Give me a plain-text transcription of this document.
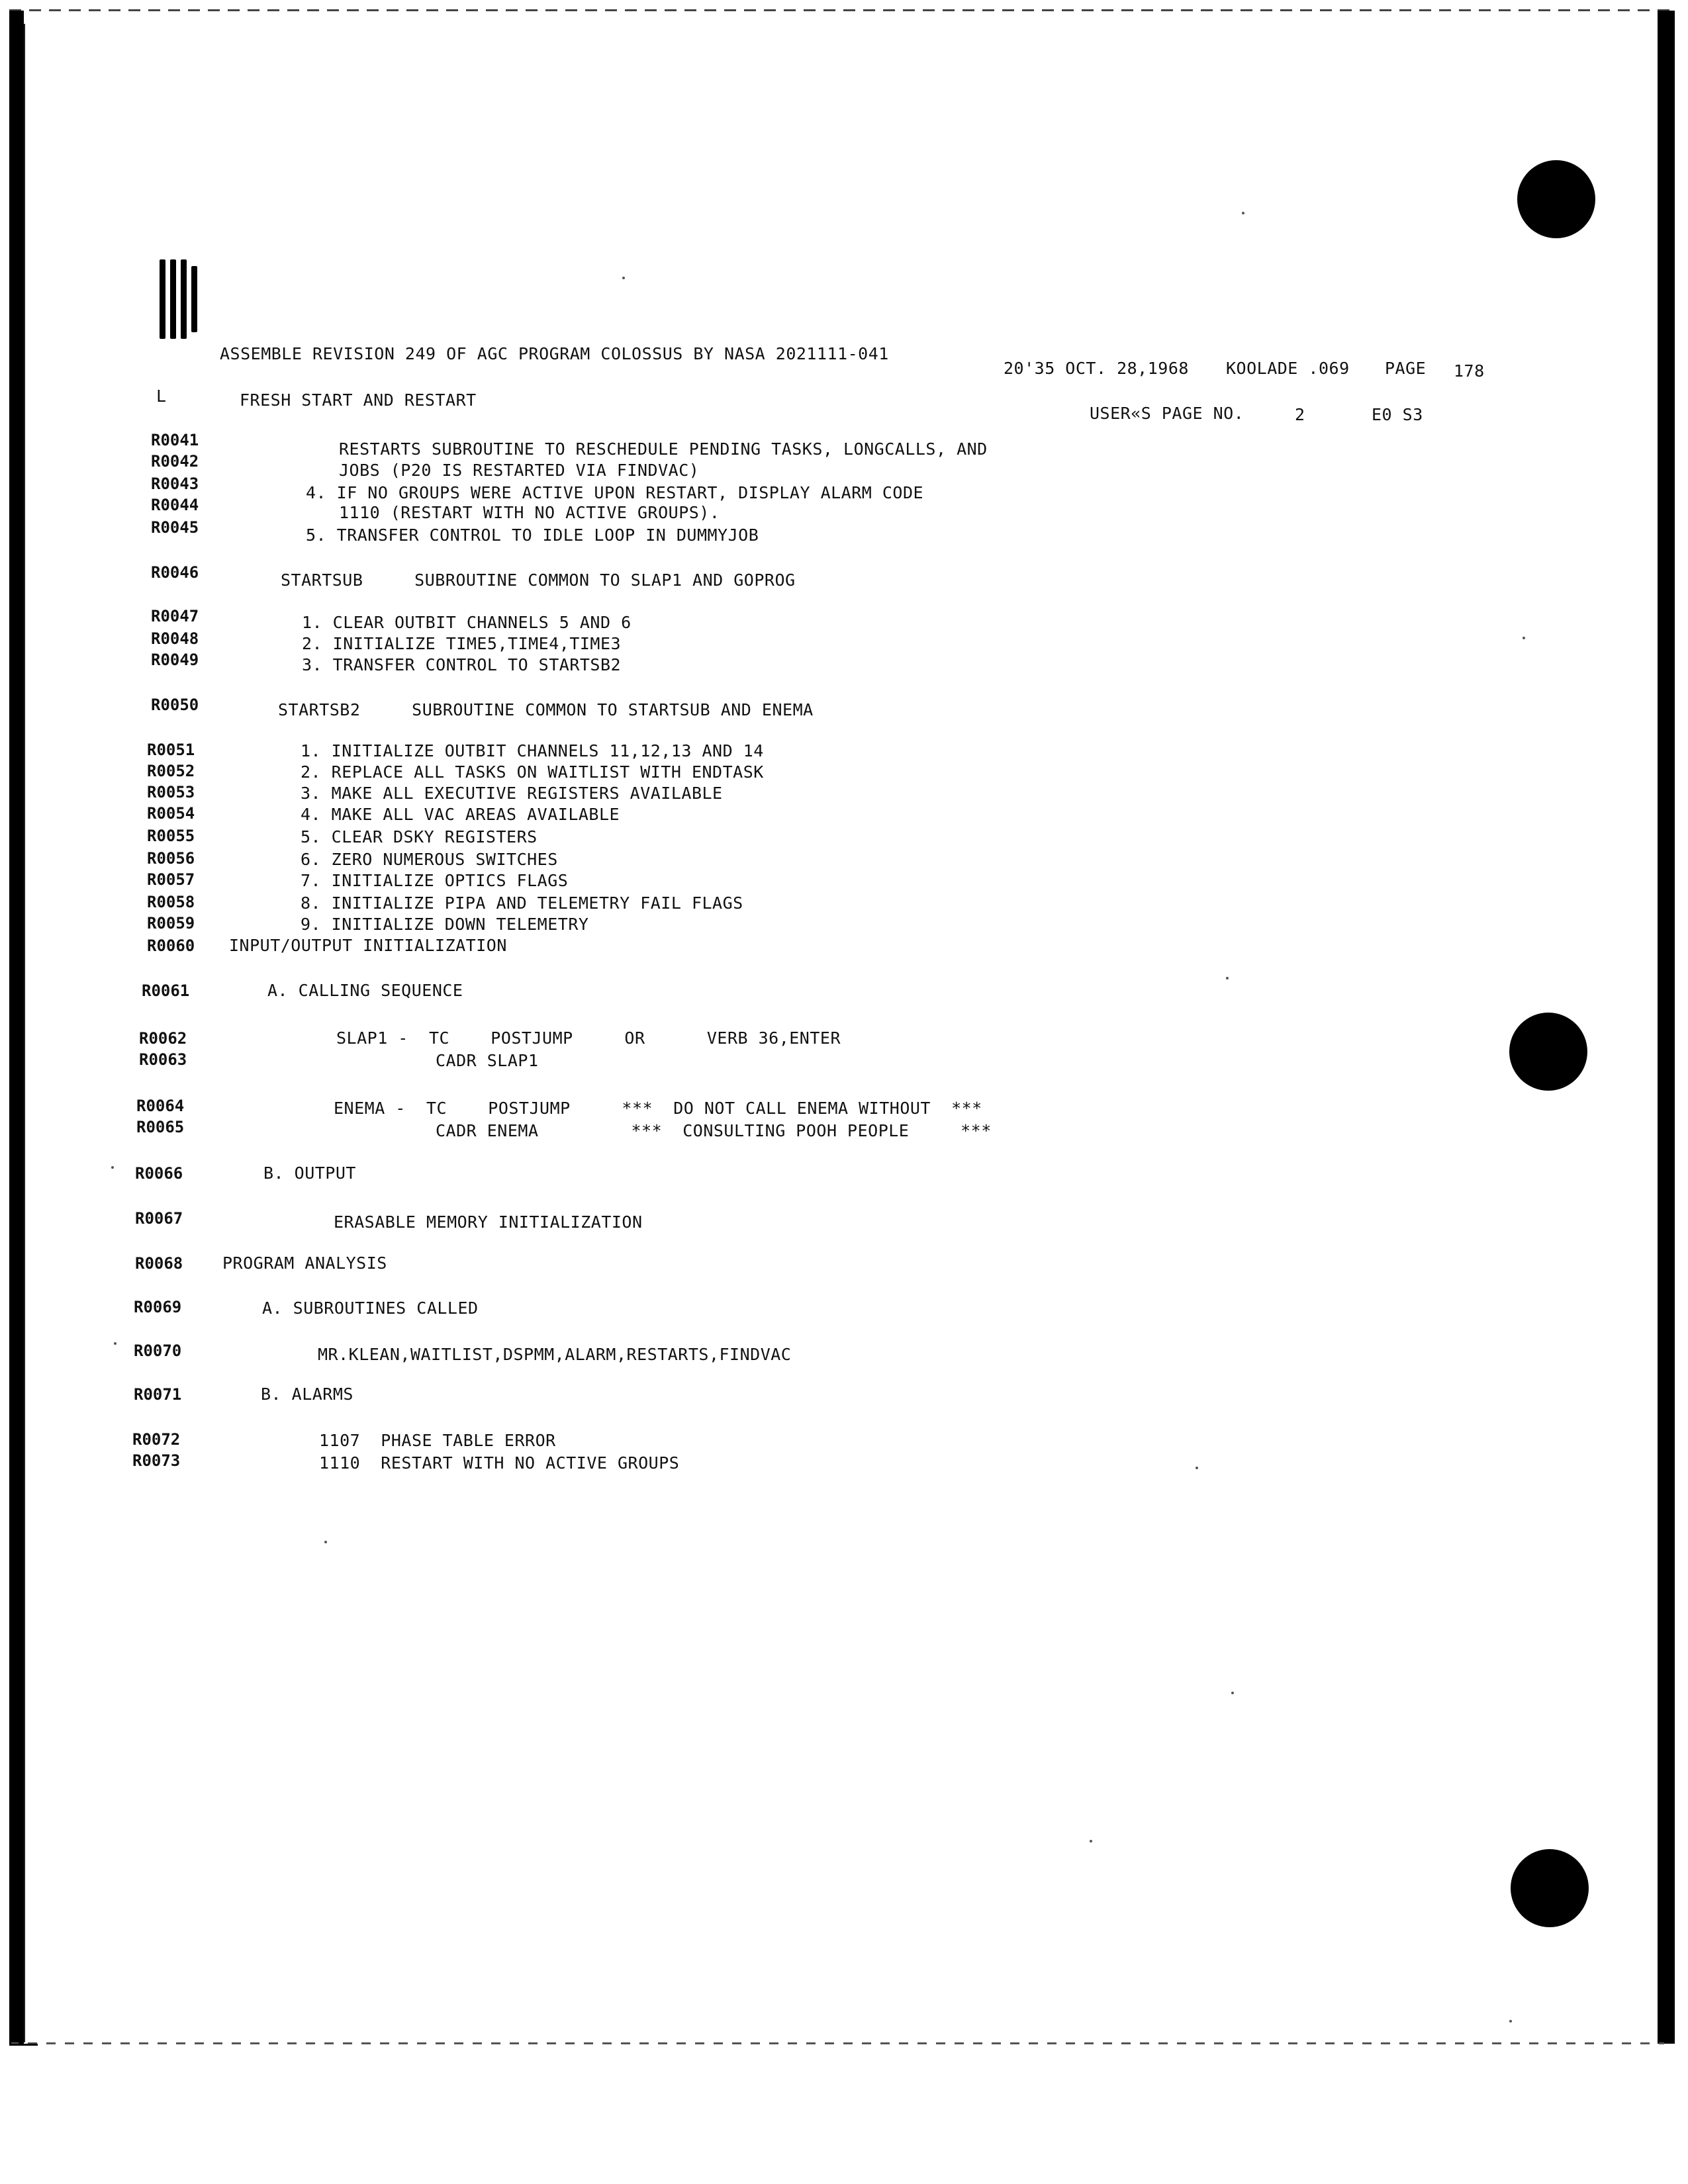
ASSEMBLE REVISION 249 OF AGC PROGRAM COLOSSUS BY NASA 2021111-041
20'35 OCT. 28,1968 KOOLADE .069 PAGE 178
L	FRESH START AND RESTART
USER«S PAGE NO.	2	E0 S3
R0041	RESTARTS SUBROUTINE TO RESCHEDULE PENDING TASKS, LONGCALLS, AND
R0042	JOBS (P20 IS RESTARTED VIA FINDVAC)
R0043	4. IF NO GROUPS WERE ACTIVE UPON RESTART, DISPLAY ALARM CODE
R0044	1110 (RESTART WITH NO ACTIVE GROUPS).
R0045	5. TRANSFER CONTROL TO IDLE LOOP IN DUMMYJOB
R0046	STARTSUB     SUBROUTINE COMMON TO SLAP1 AND GOPROG
R0047	1. CLEAR OUTBIT CHANNELS 5 AND 6
R0048	2. INITIALIZE TIME5,TIME4,TIME3
R0049	3. TRANSFER CONTROL TO STARTSB2
R0050	STARTSB2     SUBROUTINE COMMON TO STARTSUB AND ENEMA
R0051	1. INITIALIZE OUTBIT CHANNELS 11,12,13 AND 14
R0052	2. REPLACE ALL TASKS ON WAITLIST WITH ENDTASK
R0053	3. MAKE ALL EXECUTIVE REGISTERS AVAILABLE
R0054	4. MAKE ALL VAC AREAS AVAILABLE
R0055	5. CLEAR DSKY REGISTERS
R0056	6. ZERO NUMEROUS SWITCHES
R0057	7. INITIALIZE OPTICS FLAGS
R0058	8. INITIALIZE PIPA AND TELEMETRY FAIL FLAGS
R0059	9. INITIALIZE DOWN TELEMETRY
R0060 INPUT/OUTPUT INITIALIZATION
R0061	A. CALLING SEQUENCE
R0062	SLAP1 -  TC    POSTJUMP     OR      VERB 36,ENTER
R0063	CADR SLAP1
R0064	ENEMA -  TC    POSTJUMP     ***  DO NOT CALL ENEMA WITHOUT  ***
R0065	CADR ENEMA         ***  CONSULTING POOH PEOPLE     ***
R0066	B. OUTPUT
R0067	ERASABLE MEMORY INITIALIZATION
R0068 PROGRAM ANALYSIS
R0069	A. SUBROUTINES CALLED
R0070	MR.KLEAN,WAITLIST,DSPMM,ALARM,RESTARTS,FINDVAC
R0071	B. ALARMS
R0072	1107  PHASE TABLE ERROR
R0073	1110  RESTART WITH NO ACTIVE GROUPS
